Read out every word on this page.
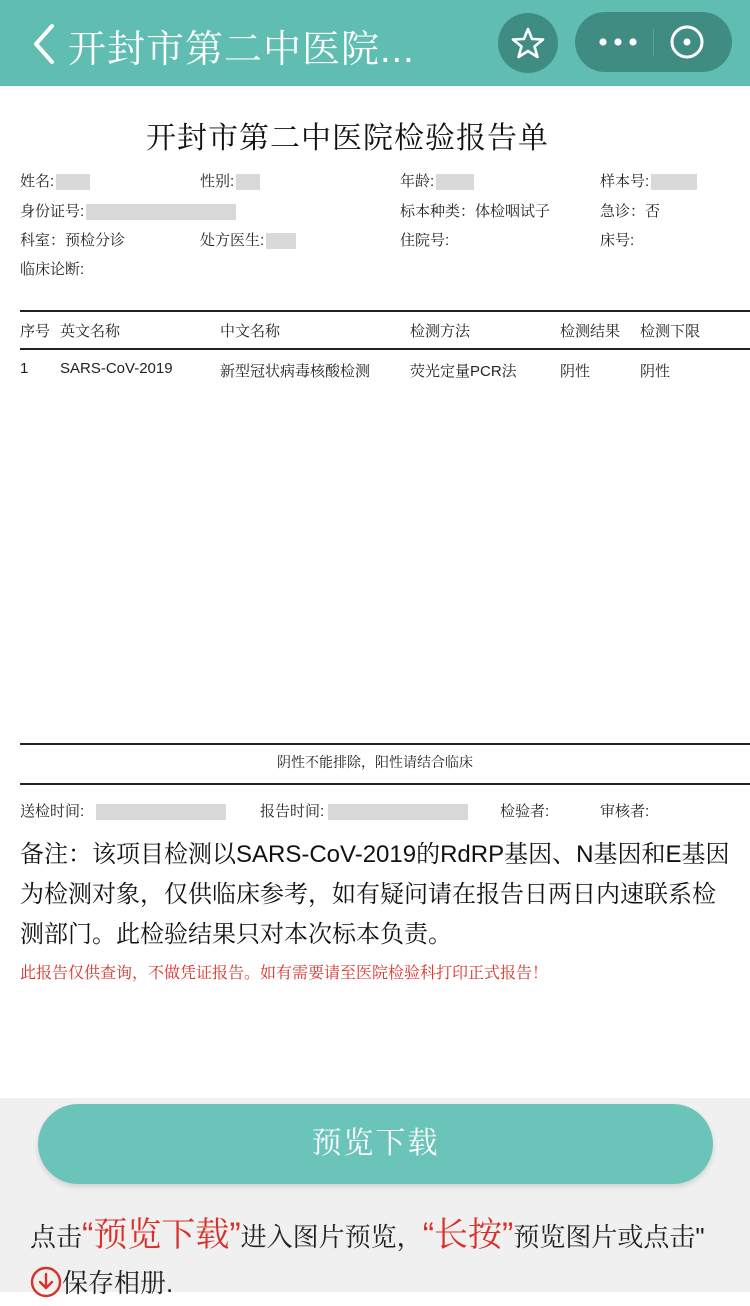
开封市第二中医院...
开封市第二中医院检验报告单
姓名:	性别:	年龄:	样本号:
身份证号:	标本种类：体检咽试子	急诊：否
科室：预检分诊	处方医生:	住院号:	床号:
临床论断:
序号 英文名称	中文名称	检测方法	检测结果 检测下限
1 SARS-CoV-2019	新型冠状病毒核酸检测	荧光定量PCR法	阴性	阴性
阴性不能排除，阳性请结合临床
送检时间:	报告时间:	检验者:	审核者:
备注：该项目检测以SARS-CoV-2019的RdRP基因、N基因和E基因为检测对象，仅供临床参考，如有疑问请在报告日两日内速联系检测部门。此检验结果只对本次标本负责。
此报告仅供查询，不做凭证报告。如有需要请至医院检验科打印正式报告！
预览下载
点击“预览下载”进入图片预览，“长按”预览图片或点击"保存相册.
